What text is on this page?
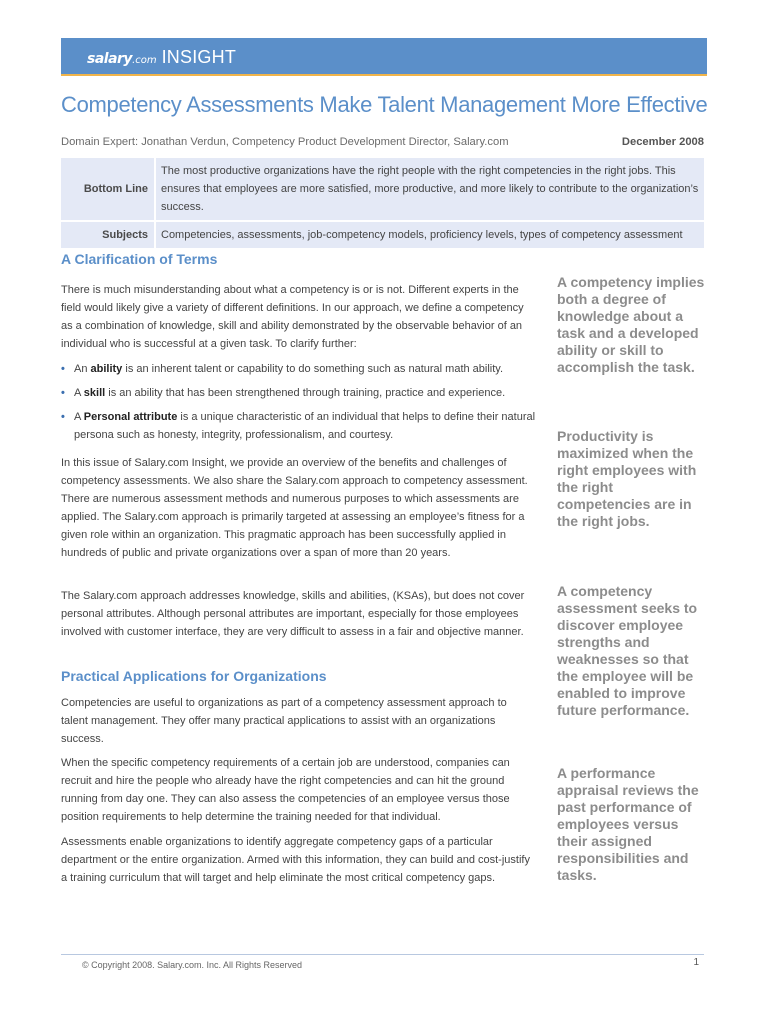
salary.com INSIGHT
Competency Assessments Make Talent Management More Effective
Domain Expert: Jonathan Verdun, Competency Product Development Director, Salary.com	December 2008
Bottom Line	The most productive organizations have the right people with the right competencies in the right jobs. This ensures that employees are more satisfied, more productive, and more likely to contribute to the organization’s success.
Subjects	Competencies, assessments, job-competency models, proficiency levels, types of competency assessment
A Clarification of Terms

There is much misunderstanding about what a competency is or is not. Different experts in the field would likely give a variety of different definitions. In our approach, we define a competency as a combination of knowledge, skill and ability demonstrated by the observable behavior of an individual who is successful at a given task. To clarify further:

• An ability is an inherent talent or capability to do something such as natural math ability.
• A skill is an ability that has been strengthened through training, practice and experience.
• A Personal attribute is a unique characteristic of an individual that helps to define their natural persona such as honesty, integrity, professionalism, and courtesy.

In this issue of Salary.com Insight, we provide an overview of the benefits and challenges of competency assessments. We also share the Salary.com approach to competency assessment. There are numerous assessment methods and numerous purposes to which assessments are applied. The Salary.com approach is primarily targeted at assessing an employee’s fitness for a given role within an organization. This pragmatic approach has been successfully applied in hundreds of public and private organizations over a span of more than 20 years.

The Salary.com approach addresses knowledge, skills and abilities, (KSAs), but does not cover personal attributes. Although personal attributes are important, especially for those employees involved with customer interface, they are very difficult to assess in a fair and objective manner.

Practical Applications for Organizations

Competencies are useful to organizations as part of a competency assessment approach to talent management. They offer many practical applications to assist with an organizations success.

When the specific competency requirements of a certain job are understood, companies can recruit and hire the people who already have the right competencies and can hit the ground running from day one. They can also assess the competencies of an employee versus those position requirements to help determine the training needed for that individual.

Assessments enable organizations to identify aggregate competency gaps of a particular department or the entire organization. Armed with this information, they can build and cost-justify a training curriculum that will target and help eliminate the most critical competency gaps.

A competency implies both a degree of knowledge about a task and a developed ability or skill to accomplish the task.

Productivity is maximized when the right employees with the right competencies are in the right jobs.

A competency assessment seeks to discover employee strengths and weaknesses so that the employee will be enabled to improve future performance.

A performance appraisal reviews the past performance of employees versus their assigned responsibilities and tasks.

© Copyright 2008. Salary.com. Inc. All Rights Reserved	1
